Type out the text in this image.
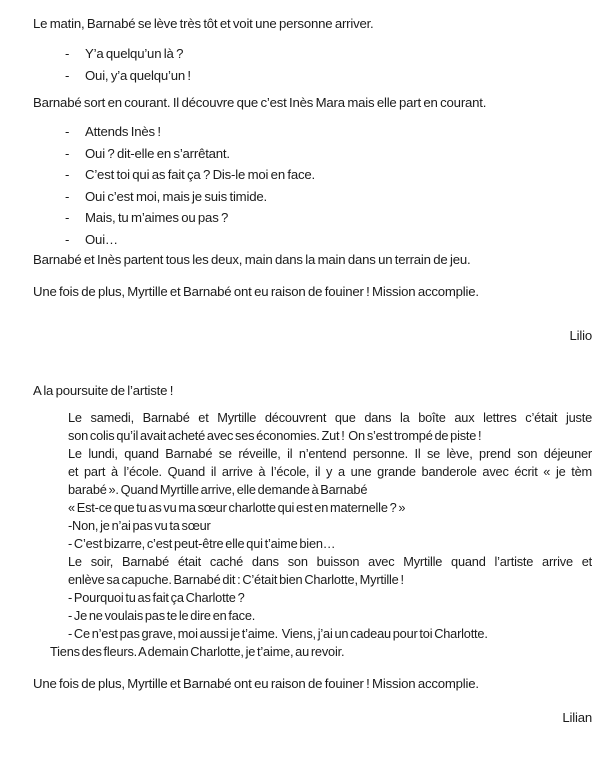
Le matin, Barnabé se lève très tôt et voit une personne arriver.

-	Y’a quelqu’un là ?
-	Oui, y’a quelqu’un !

Barnabé sort en courant. Il découvre que c’est Inès Mara mais elle part en courant.

-	Attends Inès !
-	Oui ? dit-elle en s’arrêtant.
-	C’est toi qui as fait ça ? Dis-le moi en face.
-	Oui c’est moi, mais je suis timide.
-	Mais, tu m’aimes ou pas ?
-	Oui…

Barnabé et Inès partent tous les deux, main dans la main dans un terrain de jeu.

Une fois de plus, Myrtille et Barnabé ont eu raison de fouiner ! Mission accomplie.

Lilio

A la poursuite de l’artiste !

Le samedi, Barnabé et Myrtille découvrent que dans la boîte aux lettres c’était juste
son colis qu’il avait acheté avec ses économies. Zut !  On s’est trompé de piste !
Le lundi, quand Barnabé se réveille, il n’entend personne. Il se lève, prend son déjeuner
et part à l’école. Quand il arrive à l’école, il y a une grande banderole avec écrit « je tèm
barabé ». Quand Myrtille arrive, elle demande à Barnabé
« Est-ce que tu as vu ma sœur charlotte qui est en maternelle ? »
-Non, je n’ai pas vu ta sœur
- C’est bizarre, c’est peut-être elle qui t’aime bien…
Le soir, Barnabé était caché dans son buisson avec Myrtille quand l’artiste arrive et
enlève sa capuche. Barnabé dit : C’était bien Charlotte, Myrtille !
- Pourquoi tu as fait ça Charlotte ?
- Je ne voulais pas te le dire en face.
- Ce n’est pas grave, moi aussi je t’aime.  Viens, j’ai un cadeau pour toi Charlotte.
Tiens des fleurs. A demain Charlotte, je t’aime, au revoir.

Une fois de plus, Myrtille et Barnabé ont eu raison de fouiner ! Mission accomplie.

Lilian
